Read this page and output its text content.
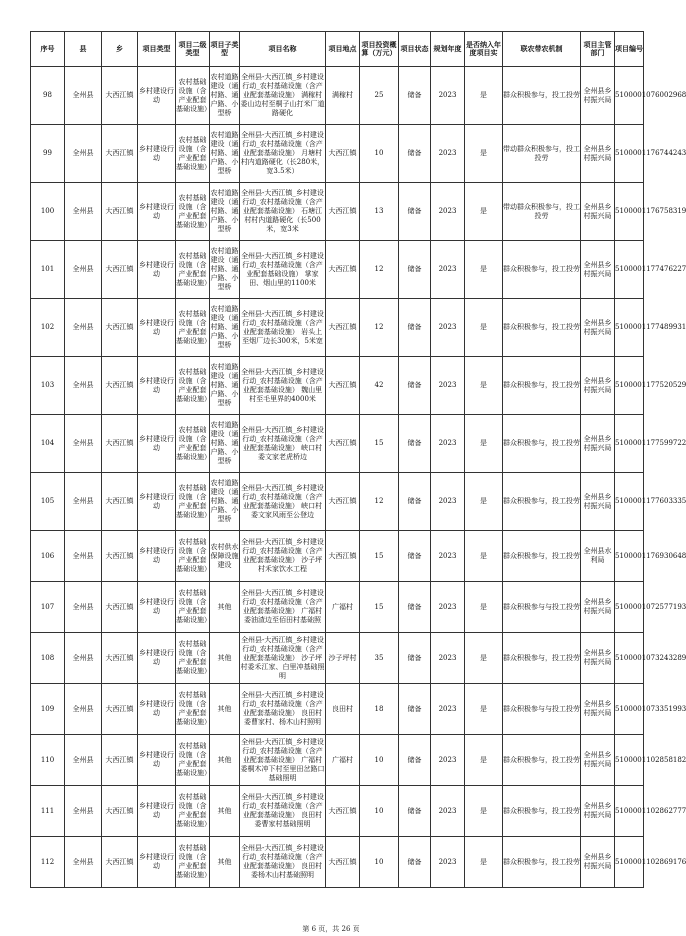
序号	县	乡	项目类型	项目二级类型	项目子类型	项目名称	项目地点	项目投资概算（万元）	项目状态	规划年度	是否纳入年度项目实	联农带农机制	项目主管部门	项目编号

98	全州县	大西江镇	乡村建设行动	农村基础设施（含产业配套基础设施）	农村道路建设（通村路、通户路、小型桥	全州县-大西江镇_乡村建设行动_农村基础设施（含产业配套基础设施） 满稼村委山边村至桐子山打米厂道路硬化	满稼村	25	储备	2023	是	群众积极参与，投工投劳	全州县乡村振兴局	5100001076002968

99	全州县	大西江镇	乡村建设行动	农村基础设施（含产业配套基础设施）	农村道路建设（通村路、通户路、小型桥	全州县-大西江镇_乡村建设行动_农村基础设施（含产业配套基础设施） 月塘村村内道路硬化（长280米，宽3.5米）	大西江镇	10	储备	2023	是	带动群众积极参与，投工投劳	全州县乡村振兴局	5100001176744243

100	全州县	大西江镇	乡村建设行动	农村基础设施（含产业配套基础设施）	农村道路建设（通村路、通户路、小型桥	全州县-大西江镇_乡村建设行动_农村基础设施（含产业配套基础设施） 石塘江村村内道路硬化（长500米，宽3米	大西江镇	13	储备	2023	是	带动群众积极参与，投工投劳	全州县乡村振兴局	5100001176758319

101	全州县	大西江镇	乡村建设行动	农村基础设施（含产业配套基础设施）	农村道路建设（通村路、通户路、小型桥	全州县-大西江镇_乡村建设行动_农村基础设施（含产业配套基础设施） 掌家田、烟山里的1100米	大西江镇	12	储备	2023	是	群众积极参与，投工投劳	全州县乡村振兴局	5100001177476227

102	全州县	大西江镇	乡村建设行动	农村基础设施（含产业配套基础设施）	农村道路建设（通村路、通户路、小型桥	全州县-大西江镇_乡村建设行动_农村基础设施（含产业配套基础设施） 岩头上至烟厂边长300米，5米宽	大西江镇	12	储备	2023	是	群众积极参与，投工投劳	全州县乡村振兴局	5100001177489931

103	全州县	大西江镇	乡村建设行动	农村基础设施（含产业配套基础设施）	农村道路建设（通村路、通户路、小型桥	全州县-大西江镇_乡村建设行动_农村基础设施（含产业配套基础设施） 魏山里村至毛里界的4000米	大西江镇	42	储备	2023	是	群众积极参与，投工投劳	全州县乡村振兴局	5100001177520529

104	全州县	大西江镇	乡村建设行动	农村基础设施（含产业配套基础设施）	农村道路建设（通村路、通户路、小型桥	全州县-大西江镇_乡村建设行动_农村基础设施（含产业配套基础设施） 峡口村委文家老虎桥边	大西江镇	15	储备	2023	是	群众积极参与，投工投劳	全州县乡村振兴局	5100001177599722

105	全州县	大西江镇	乡村建设行动	农村基础设施（含产业配套基础设施）	农村道路建设（通村路、通户路、小型桥	全州县-大西江镇_乡村建设行动_农村基础设施（含产业配套基础设施） 峡口村委文家风雨至公登边	大西江镇	12	储备	2023	是	群众积极参与，投工投劳	全州县乡村振兴局	5100001177603335

106	全州县	大西江镇	乡村建设行动	农村基础设施（含产业配套基础设施）	农村供水保障设施建设	全州县-大西江镇_乡村建设行动_农村基础设施（含产业配套基础设施） 沙子坪村禾家饮水工程	大西江镇	15	储备	2023	是	群众积极参与，投工投劳	全州县水利局	5100001176930648

107	全州县	大西江镇	乡村建设行动	农村基础设施（含产业配套基础设施）	其他	全州县-大西江镇_乡村建设行动_农村基础设施（含产业配套基础设施） 广福村委油渣边至佰田村基础照	广福村	15	储备	2023	是	群众积极参与与投工投劳	全州县乡村振兴局	5100001072577193

108	全州县	大西江镇	乡村建设行动	农村基础设施（含产业配套基础设施）	其他	全州县-大西江镇_乡村建设行动_农村基础设施（含产业配套基础设施） 沙子坪村委禾江家、白里冲基础照明	沙子坪村	35	储备	2023	是	群众积极参与，投工投劳	全州县乡村振兴局	5100001073243289

109	全州县	大西江镇	乡村建设行动	农村基础设施（含产业配套基础设施）	其他	全州县-大西江镇_乡村建设行动_农村基础设施（含产业配套基础设施） 良田村委曹家村、杨木山村照明	良田村	18	储备	2023	是	群众积极参与与投工投劳	全州县乡村振兴局	5100001073351993

110	全州县	大西江镇	乡村建设行动	农村基础设施（含产业配套基础设施）	其他	全州县-大西江镇_乡村建设行动_农村基础设施（含产业配套基础设施） 广福村委桐木冲下村至里田岔路口基础照明	广福村	10	储备	2023	是	群众积极参与，投工投劳	全州县乡村振兴局	5100001102858182

111	全州县	大西江镇	乡村建设行动	农村基础设施（含产业配套基础设施）	其他	全州县-大西江镇_乡村建设行动_农村基础设施（含产业配套基础设施） 良田村委曹家村基础照明	大西江镇	10	储备	2023	是	群众积极参与，投工投劳	全州县乡村振兴局	5100001102862777

112	全州县	大西江镇	乡村建设行动	农村基础设施（含产业配套基础设施）	其他	全州县-大西江镇_乡村建设行动_农村基础设施（含产业配套基础设施） 良田村委杨木山村基础照明	大西江镇	10	储备	2023	是	群众积极参与，投工投劳	全州县乡村振兴局	5100001102869176
第 6 页，共 26 页
